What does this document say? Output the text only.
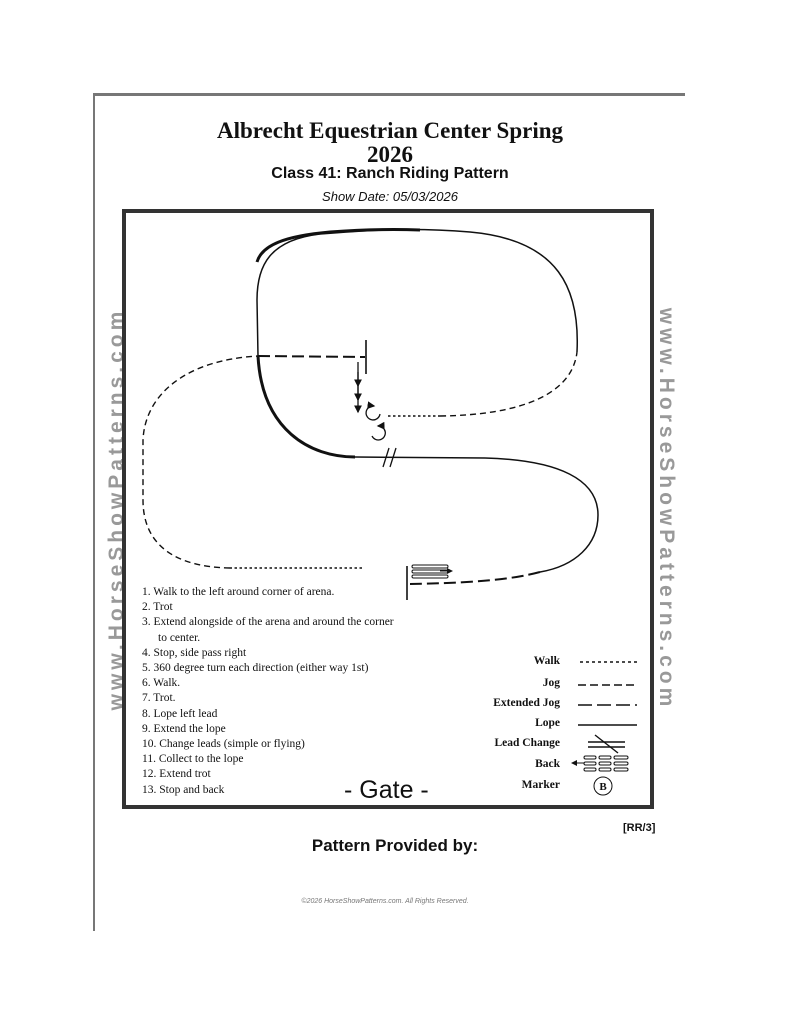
Albrecht Equestrian Center Spring
2026
Class 41: Ranch Riding Pattern
Show Date: 05/03/2026
www.HorseShowPatterns.com	www.HorseShowPatterns.com
B
1. Walk to the left around corner of arena.
2. Trot
3. Extend alongside of the arena and around the corner
to center.
4. Stop, side pass right
5. 360 degree turn each direction (either way 1st)
6. Walk.
7. Trot.
8. Lope left lead
9. Extend the lope
10. Change leads (simple or flying)
11. Collect to the lope
12. Extend trot
13. Stop and back	- Gate -
Walk
Jog
Extended Jog
Lope
Lead Change
Back
Marker
[RR/3]
Pattern Provided by:
©2026 HorseShowPatterns.com. All Rights Reserved.
